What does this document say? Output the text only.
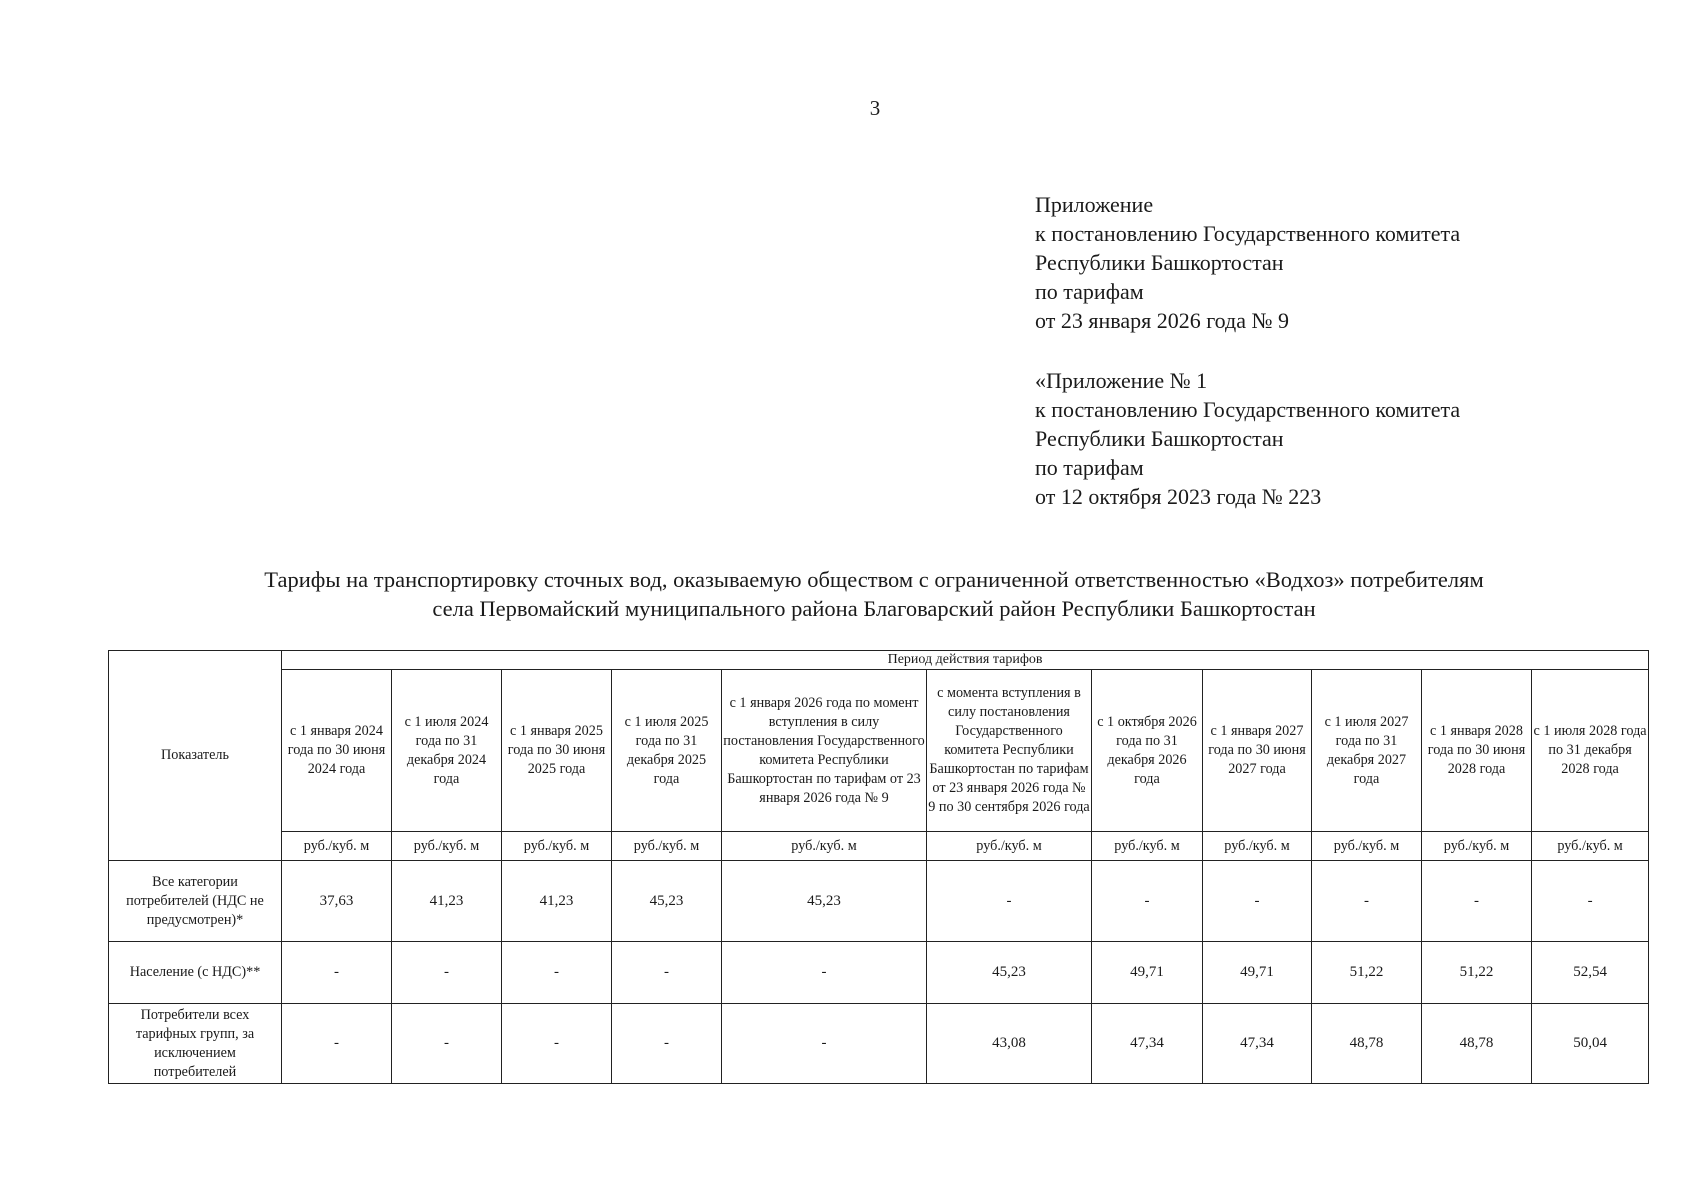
3
Приложение
к постановлению Государственного комитета
Республики Башкортостан
по тарифам
от 23 января 2026 года № 9
«Приложение № 1
к постановлению Государственного комитета
Республики Башкортостан
по тарифам
от 12 октября 2023 года № 223
Тарифы на транспортировку сточных вод, оказываемую обществом с ограниченной ответственностью «Водхоз» потребителям
села Первомайский муниципального района Благоварский район Республики Башкортостан
Показатель	Период действия тарифов										
	с 1 января 2024 года по 30 июня 2024 года	с 1 июля 2024 года по 31 декабря 2024 года	с 1 января 2025 года по 30 июня 2025 года	с 1 июля 2025 года по 31 декабря 2025 года	с 1 января 2026 года по момент вступления в силу постановления Государственного комитета Республики Башкортостан по тарифам от 23 января 2026 года № 9	с момента вступления в силу постановления Государственного комитета Республики Башкортостан по тарифам от 23 января 2026 года № 9 по 30 сентября 2026 года	с 1 октября 2026 года по 31 декабря 2026 года	с 1 января 2027 года по 30 июня 2027 года	с 1 июля 2027 года по 31 декабря 2027 года	с 1 января 2028 года по 30 июня 2028 года	с 1 июля 2028 года по 31 декабря 2028 года
	руб./куб. м	руб./куб. м	руб./куб. м	руб./куб. м	руб./куб. м	руб./куб. м	руб./куб. м	руб./куб. м	руб./куб. м	руб./куб. м	руб./куб. м
Все категории потребителей (НДС не предусмотрен)*	37,63	41,23	41,23	45,23	45,23	-	-	-	-	-	-
Население (с НДС)**	-	-	-	-	-	45,23	49,71	49,71	51,22	51,22	52,54
Потребители всех тарифных групп, за исключением потребителей	-	-	-	-	-	43,08	47,34	47,34	48,78	48,78	50,04
